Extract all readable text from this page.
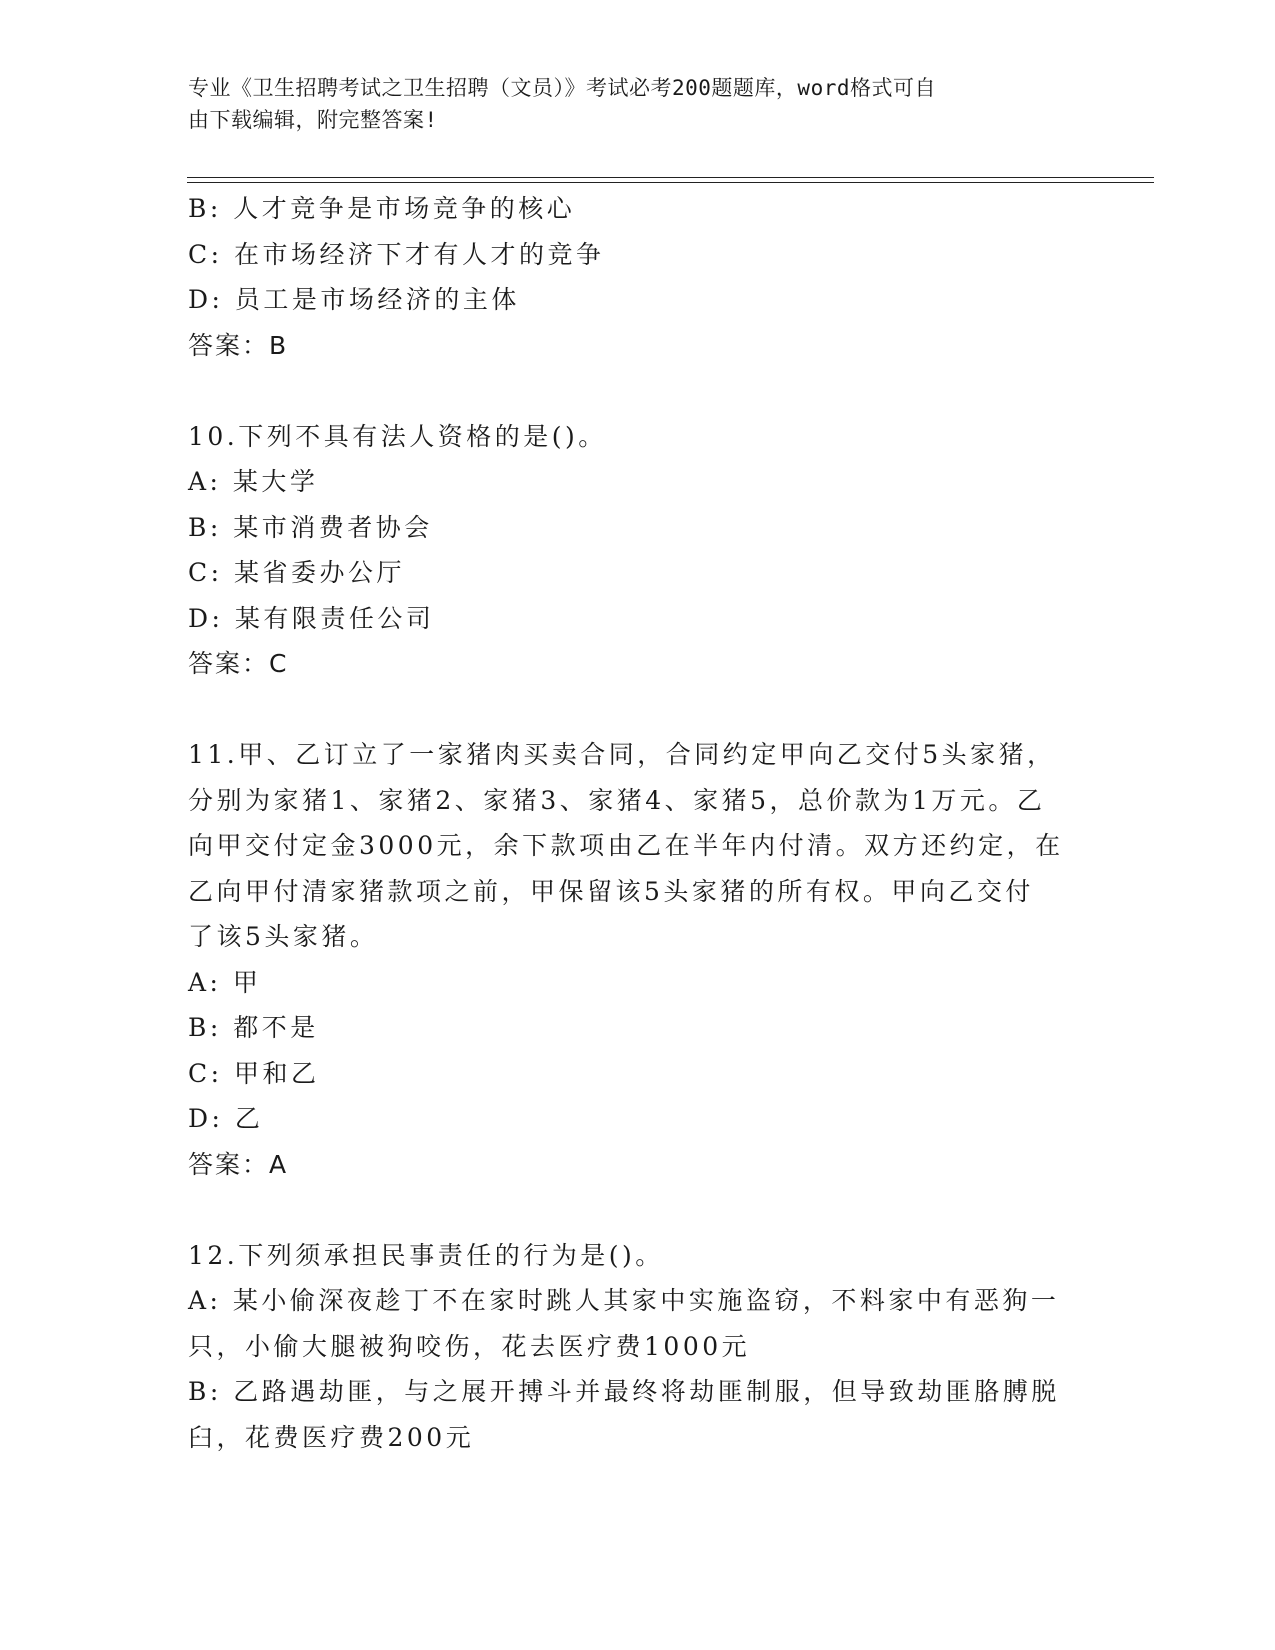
专业《卫生招聘考试之卫生招聘（文员）》考试必考200题题库，word格式可自
由下载编辑，附完整答案!
B: 人才竞争是市场竞争的核心
C: 在市场经济下才有人才的竞争
D: 员工是市场经济的主体
答案：B
10.下列不具有法人资格的是()。
A: 某大学
B: 某市消费者协会
C: 某省委办公厅
D: 某有限责任公司
答案：C
11.甲、乙订立了一家猪肉买卖合同，合同约定甲向乙交付5头家猪，
分别为家猪1、家猪2、家猪3、家猪4、家猪5，总价款为1万元。乙
向甲交付定金3000元，余下款项由乙在半年内付清。双方还约定，在
乙向甲付清家猪款项之前，甲保留该5头家猪的所有权。甲向乙交付
了该5头家猪。
A: 甲
B: 都不是
C: 甲和乙
D: 乙
答案：A
12.下列须承担民事责任的行为是()。
A: 某小偷深夜趁丁不在家时跳人其家中实施盗窃，不料家中有恶狗一
只，小偷大腿被狗咬伤，花去医疗费1000元
B: 乙路遇劫匪，与之展开搏斗并最终将劫匪制服，但导致劫匪胳膊脱
臼，花费医疗费200元
